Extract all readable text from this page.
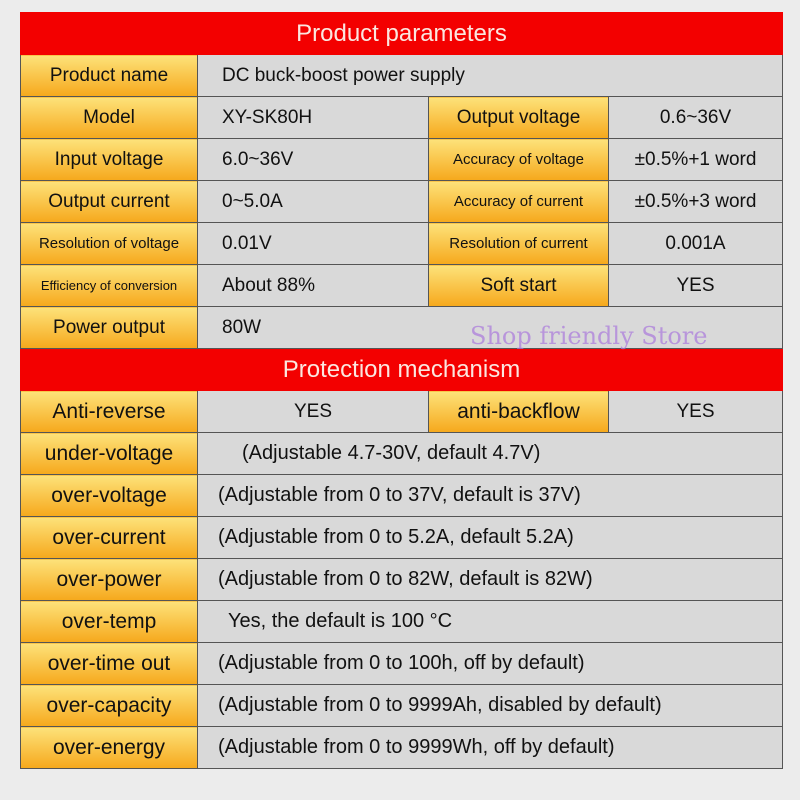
Product parameters			
Product name	DC buck-boost power supply		
Model	XY-SK80H	Output voltage	0.6~36V
Input voltage	6.0~36V	Accuracy of voltage	±0.5%+1 word
Output current	0~5.0A	Accuracy of current	±0.5%+3 word
Resolution of voltage	0.01V	Resolution of current	0.001A
Efficiency of conversion	About 88%	Soft start	YES
Power output	80W		
Protection mechanism			
Anti-reverse	YES	anti-backflow	YES
under-voltage	(Adjustable 4.7-30V, default 4.7V)		
over-voltage	(Adjustable from 0 to 37V, default is 37V)		
over-current	(Adjustable from 0 to 5.2A, default 5.2A)		
over-power	(Adjustable from 0 to 82W, default is 82W)		
over-temp	Yes, the default is 100 °C		
over-time out	(Adjustable from 0 to 100h, off by default)		
over-capacity	(Adjustable from 0 to 9999Ah, disabled by default)		
over-energy	(Adjustable from 0 to 9999Wh, off by default)		
Shop friendly Store
